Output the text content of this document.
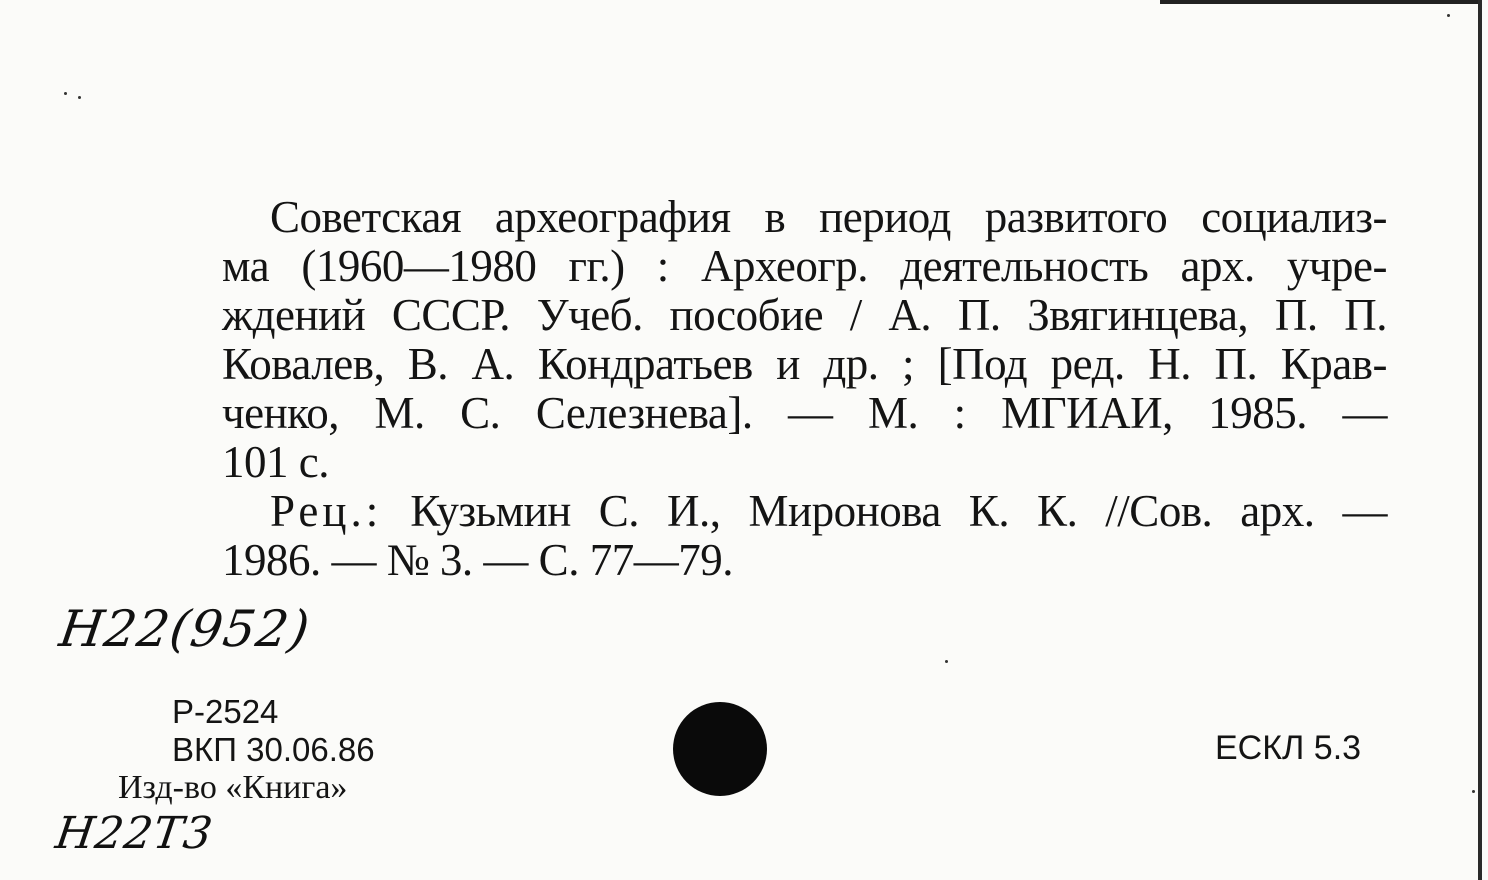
Советская археография в период развитого социализ-
ма (1960—1980 гг.) : Археогр. деятельность арх. учре-
ждений СССР. Учеб. пособие / А. П. Звягинцева, П. П.
Ковалев, В. А. Кондратьев и др. ; [Под ред. Н. П. Крав-
ченко, М. С. Селезнева]. — М. : МГИАИ, 1985. —
101 с.
Рец.: Кузьмин С. И., Миронова К. К. //Сов. арх. —
1986. — № 3. — С. 77—79.
Н22(952)
Р-2524
ВКП 30.06.86
Изд-во «Книга»
ЕСКЛ 5.3
Н22Т3
